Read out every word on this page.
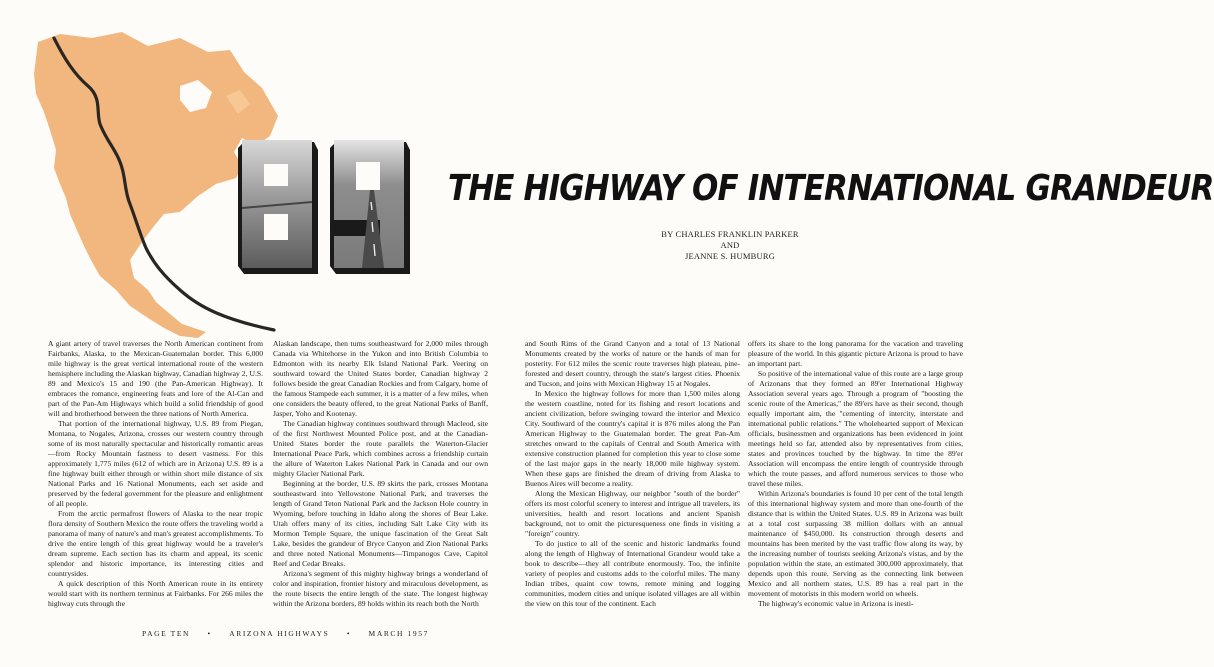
THE HIGHWAY OF INTERNATIONAL GRANDEUR
BY CHARLES FRANKLIN PARKER
AND
JEANNE S. HUMBURG

A giant artery of travel traverses the North American continent from Fairbanks, Alaska, to the Mexican-Guatemalan border. This 6,000 mile highway is the great vertical international route of the western hemisphere including the Alaskan highway, Canadian highway 2, U.S. 89 and Mexico's 15 and 190 (the Pan-American Highway). It embraces the romance, engineering feats and lore of the Al-Can and part of the Pan-Am Highways which build a solid friendship of good will and brotherhood between the three nations of North America.

That portion of the international highway, U.S. 89 from Piegan, Montana, to Nogales, Arizona, crosses our western country through some of its most naturally spectacular and historically romantic areas—from Rocky Mountain fastness to desert vastness. For this approximately 1,775 miles (612 of which are in Arizona) U.S. 89 is a fine highway built either through or within short mile distance of six National Parks and 16 National Monuments, each set aside and preserved by the federal government for the pleasure and enlightment of all people.

From the arctic permafrost flowers of Alaska to the near tropic flora density of Southern Mexico the route offers the traveling world a panorama of many of nature's and man's greatest accomplishments. To drive the entire length of this great highway would be a traveler's dream supreme. Each section has its charm and appeal, its scenic splendor and historic importance, its interesting cities and countrysides.

A quick description of this North American route in its entirety would start with its northern terminus at Fairbanks. For 266 miles the highway cuts through the

Alaskan landscape, then turns southeastward for 2,000 miles through Canada via Whitehorse in the Yukon and into British Columbia to Edmonton with its nearby Elk Island National Park. Veering on southward toward the United States border, Canadian highway 2 follows beside the great Canadian Rockies and from Calgary, home of the famous Stampede each summer, it is a matter of a few miles, when one considers the beauty offered, to the great National Parks of Banff, Jasper, Yoho and Kootenay.

The Canadian highway continues southward through Macleod, site of the first Northwest Mounted Police post, and at the Canadian-United States border the route parallels the Waterton-Glacier International Peace Park, which combines across a friendship curtain the allure of Waterton Lakes National Park in Canada and our own mighty Glacier National Park.

Beginning at the border, U.S. 89 skirts the park, crosses Montana southeastward into Yellowstone National Park, and traverses the length of Grand Teton National Park and the Jackson Hole country in Wyoming, before touching in Idaho along the shores of Bear Lake. Utah offers many of its cities, including Salt Lake City with its Mormon Temple Square, the unique fascination of the Great Salt Lake, besides the grandeur of Bryce Canyon and Zion National Parks and three noted National Monuments—Timpanogos Cave, Capitol Reef and Cedar Breaks.

Arizona's segment of this mighty highway brings a wonderland of color and inspiration, frontier history and miraculous development, as the route bisects the entire length of the state. The longest highway within the Arizona borders, 89 holds within its reach both the North

and South Rims of the Grand Canyon and a total of 13 National Monuments created by the works of nature or the hands of man for posterity. For 612 miles the scenic route traverses high plateau, pine-forested and desert country, through the state's largest cities. Phoenix and Tucson, and joins with Mexican Highway 15 at Nogales.

In Mexico the highway follows for more than 1,500 miles along the western coastline, noted for its fishing and resort locations and ancient civilization, before swinging toward the interior and Mexico City. Southward of the country's capital it is 876 miles along the Pan American Highway to the Guatemalan border. The great Pan-Am stretches onward to the capitals of Central and South America with extensive construction planned for completion this year to close some of the last major gaps in the nearly 18,000 mile highway system. When these gaps are finished the dream of driving from Alaska to Buenos Aires will become a reality.

Along the Mexican Highway, our neighbor "south of the border" offers its most colorful scenery to interest and intrigue all travelers, its universities, health and resort locations and ancient Spanish background, not to omit the picturesqueness one finds in visiting a "foreign" country.

To do justice to all of the scenic and historic landmarks found along the length of Highway of International Grandeur would take a book to describe—they all contribute enormously. Too, the infinite variety of peoples and customs adds to the colorful miles. The many Indian tribes, quaint cow towns, remote mining and logging communities, modern cities and unique isolated villages are all within the view on this tour of the continent. Each

offers its share to the long panorama for the vacation and traveling pleasure of the world. In this gigantic picture Arizona is proud to have an important part.

So positive of the international value of this route are a large group of Arizonans that they formed an 89'er International Highway Association several years ago. Through a program of "boosting the scenic route of the Americas," the 89'ers have as their second, though equally important aim, the "cementing of intercity, interstate and international public relations." The wholehearted support of Mexican officials, businessmen and organizations has been evidenced in joint meetings held so far, attended also by representatives from cities, states and provinces touched by the highway. In time the 89'er Association will encompass the entire length of countryside through which the route passes, and afford numerous services to those who travel these miles.

Within Arizona's boundaries is found 10 per cent of the total length of this international highway system and more than one-fourth of the distance that is within the United States. U.S. 89 in Arizona was built at a total cost surpassing 38 million dollars with an annual maintenance of $450,000. Its construction through deserts and mountains has been merited by the vast traffic flow along its way, by the increasing number of tourists seeking Arizona's vistas, and by the population within the state, an estimated 300,000 approximately, that depends upon this route. Serving as the connecting link between Mexico and all northern states, U.S. 89 has a real part in the movement of motorists in this modern world on wheels.

The highway's economic value in Arizona is inesti-

PAGE TEN • ARIZONA HIGHWAYS • MARCH 1957
